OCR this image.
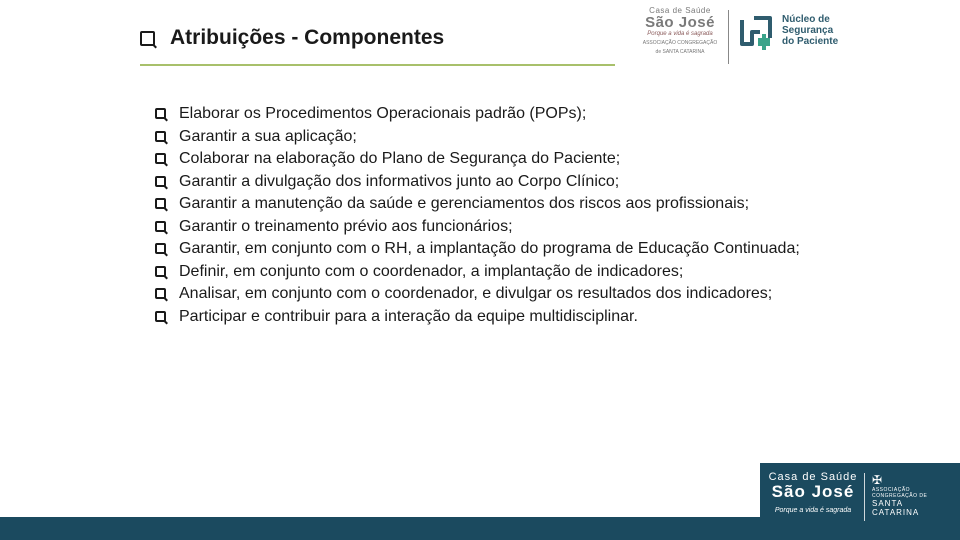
Atribuições - Componentes
Casa de Saúde
São José
Porque a vida é sagrada
ASSOCIAÇÃO CONGREGAÇÃO
de SANTA CATARINA
Núcleo de
Segurança
do Paciente
Elaborar os Procedimentos Operacionais padrão (POPs);
Garantir a sua aplicação;
Colaborar na elaboração do Plano de Segurança do Paciente;
Garantir a divulgação dos informativos junto ao Corpo Clínico;
Garantir a manutenção da saúde e gerenciamentos dos riscos aos profissionais;
Garantir o treinamento prévio aos funcionários;
Garantir, em conjunto com o RH, a implantação do programa de Educação Continuada;
Definir, em conjunto com o coordenador, a implantação de indicadores;
Analisar, em conjunto com o coordenador, e divulgar os resultados dos indicadores;
Participar e contribuir para a interação da equipe multidisciplinar.
Casa de Saúde
São José
Porque a vida é sagrada
✠
ASSOCIAÇÃO
CONGREGAÇÃO DE
SANTA
CATARINA
